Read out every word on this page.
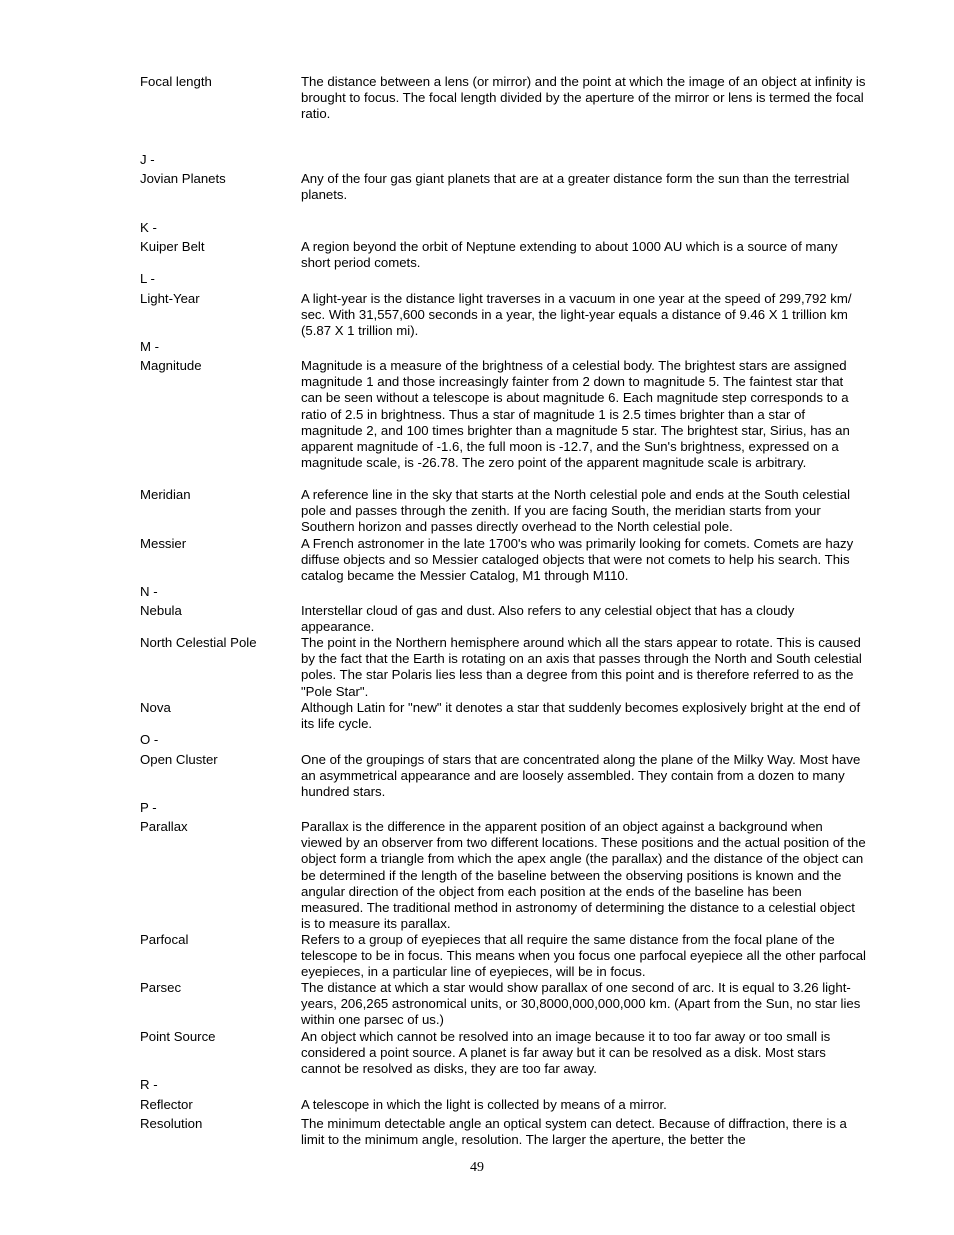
Focal length	The distance between a lens (or mirror) and the point at which the image of an object at infinity is brought to focus. The focal length divided by the aperture of the mirror or lens is termed the focal ratio.
J -
Jovian Planets	Any of the four gas giant planets that are at a greater distance form the sun than the terrestrial planets.
K -
Kuiper Belt	A region beyond the orbit of Neptune extending to about 1000 AU which is a source of many short period comets.
L -
Light-Year	A light-year is the distance light traverses in a vacuum in one year at the speed of 299,792 km/ sec. With 31,557,600 seconds in a year, the light-year equals a distance of 9.46 X 1 trillion km (5.87 X 1 trillion mi).
M -
Magnitude	Magnitude is a measure of the brightness of a celestial body. The brightest stars are assigned magnitude 1 and those increasingly fainter from 2 down to magnitude 5. The faintest star that can be seen without a telescope is about magnitude 6. Each magnitude step corresponds to a ratio of 2.5 in brightness. Thus a star of magnitude 1 is 2.5 times brighter than a star of magnitude 2, and 100 times brighter than a magnitude 5 star. The brightest star, Sirius, has an apparent magnitude of -1.6, the full moon is -12.7, and the Sun's brightness, expressed on a magnitude scale, is -26.78. The zero point of the apparent magnitude scale is arbitrary.
Meridian	A reference line in the sky that starts at the North celestial pole and ends at the South celestial pole and passes through the zenith. If you are facing South, the meridian starts from your Southern horizon and passes directly overhead to the North celestial pole.
Messier	A French astronomer in the late 1700's who was primarily looking for comets. Comets are hazy diffuse objects and so Messier cataloged objects that were not comets to help his search. This catalog became the Messier Catalog, M1 through M110.
N -
Nebula	Interstellar cloud of gas and dust. Also refers to any celestial object that has a cloudy appearance.
North Celestial Pole	The point in the Northern hemisphere around which all the stars appear to rotate. This is caused by the fact that the Earth is rotating on an axis that passes through the North and South celestial poles. The star Polaris lies less than a degree from this point and is therefore referred to as the "Pole Star".
Nova	Although Latin for "new" it denotes a star that suddenly becomes explosively bright at the end of its life cycle.
O -
Open Cluster	One of the groupings of stars that are concentrated along the plane of the Milky Way. Most have an asymmetrical appearance and are loosely assembled. They contain from a dozen to many hundred stars.
P -
Parallax	Parallax is the difference in the apparent position of an object against a background when viewed by an observer from two different locations. These positions and the actual position of the object form a triangle from which the apex angle (the parallax) and the distance of the object can be determined if the length of the baseline between the observing positions is known and the angular direction of the object from each position at the ends of the baseline has been measured. The traditional method in astronomy of determining the distance to a celestial object is to measure its parallax.
Parfocal	Refers to a group of eyepieces that all require the same distance from the focal plane of the telescope to be in focus. This means when you focus one parfocal eyepiece all the other parfocal eyepieces, in a particular line of eyepieces, will be in focus.
Parsec	The distance at which a star would show parallax of one second of arc. It is equal to 3.26 light-years, 206,265 astronomical units, or 30,8000,000,000,000 km. (Apart from the Sun, no star lies within one parsec of us.)
Point Source	An object which cannot be resolved into an image because it to too far away or too small is considered a point source. A planet is far away but it can be resolved as a disk. Most stars cannot be resolved as disks, they are too far away.
R -
Reflector	A telescope in which the light is collected by means of a mirror.
Resolution	The minimum detectable angle an optical system can detect. Because of diffraction, there is a limit to the minimum angle, resolution. The larger the aperture, the better the
49
